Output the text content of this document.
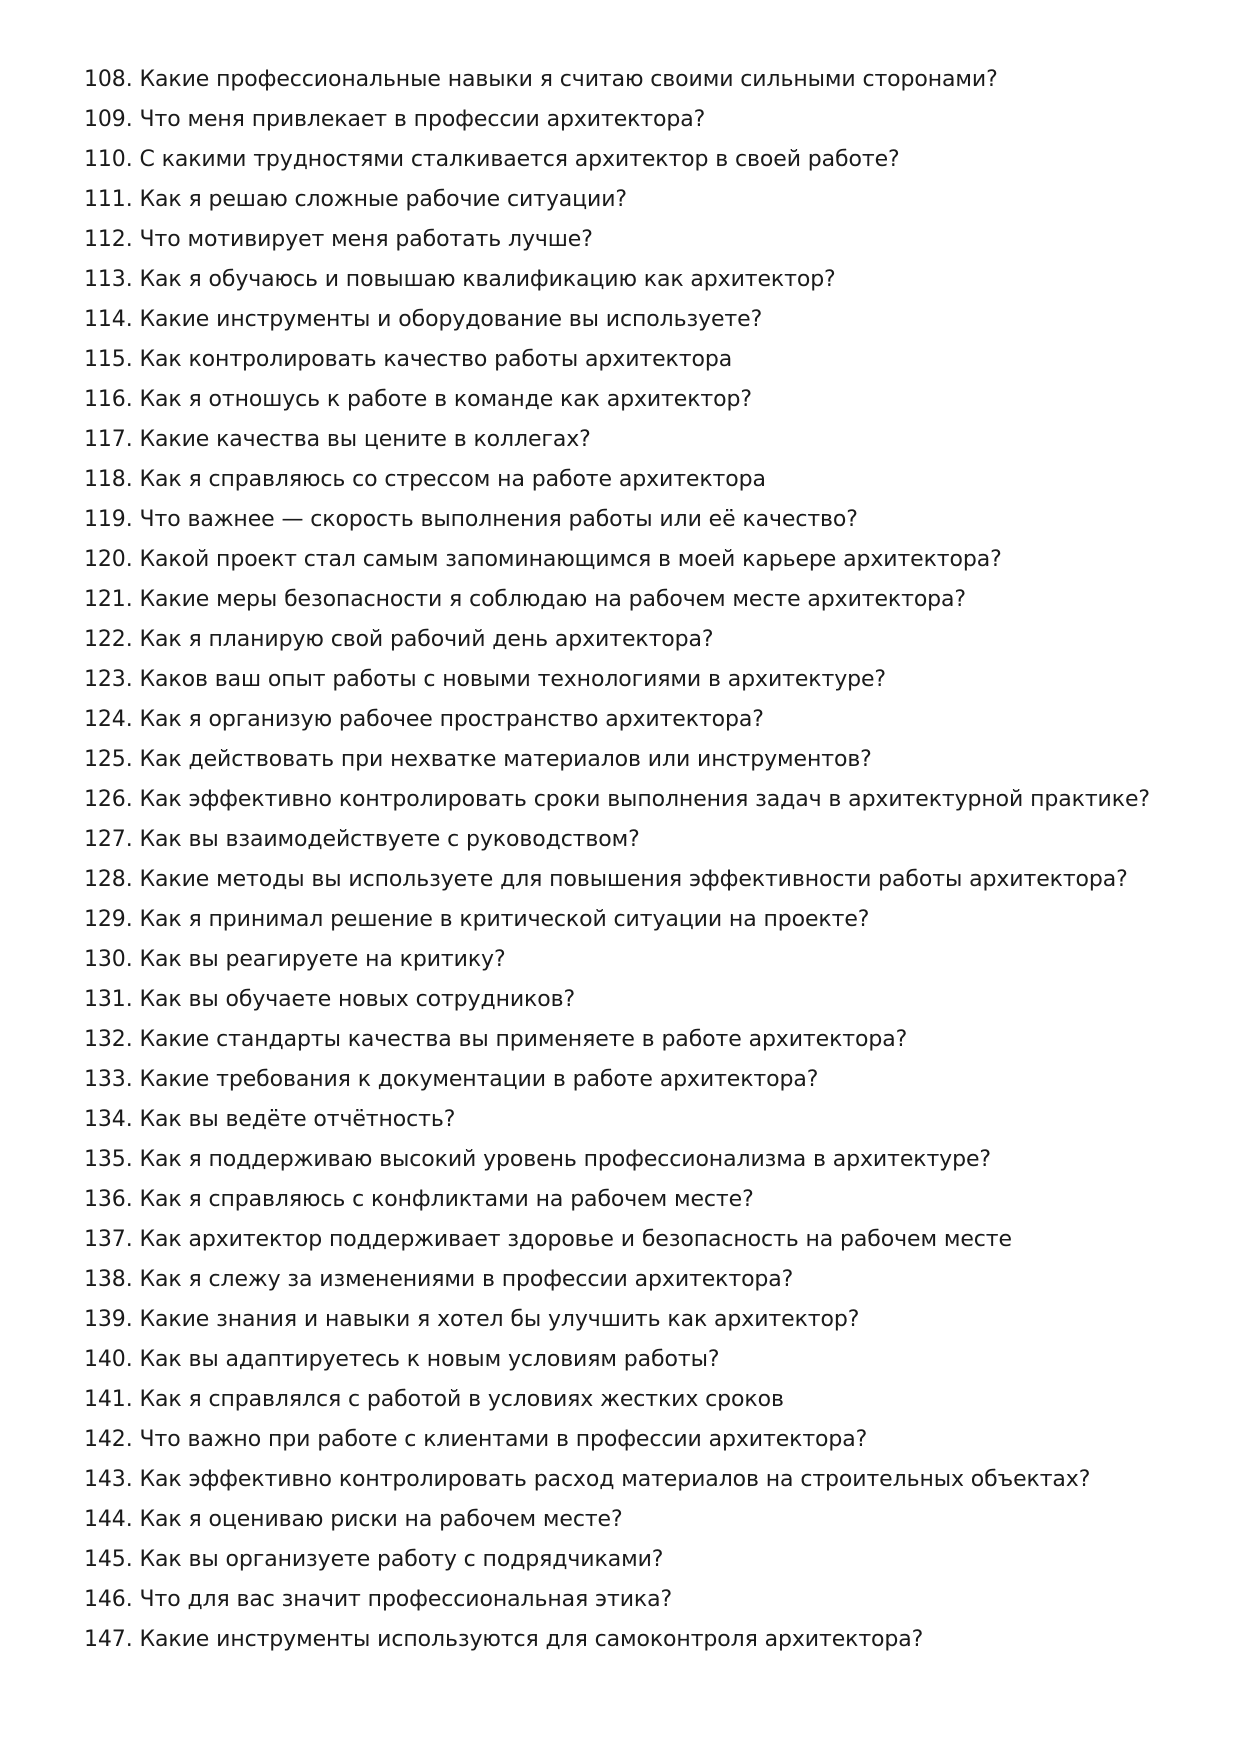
108. Какие профессиональные навыки я считаю своими сильными сторонами?
109. Что меня привлекает в профессии архитектора?
110. С какими трудностями сталкивается архитектор в своей работе?
111. Как я решаю сложные рабочие ситуации?
112. Что мотивирует меня работать лучше?
113. Как я обучаюсь и повышаю квалификацию как архитектор?
114. Какие инструменты и оборудование вы используете?
115. Как контролировать качество работы архитектора
116. Как я отношусь к работе в команде как архитектор?
117. Какие качества вы цените в коллегах?
118. Как я справляюсь со стрессом на работе архитектора
119. Что важнее — скорость выполнения работы или её качество?
120. Какой проект стал самым запоминающимся в моей карьере архитектора?
121. Какие меры безопасности я соблюдаю на рабочем месте архитектора?
122. Как я планирую свой рабочий день архитектора?
123. Каков ваш опыт работы с новыми технологиями в архитектуре?
124. Как я организую рабочее пространство архитектора?
125. Как действовать при нехватке материалов или инструментов?
126. Как эффективно контролировать сроки выполнения задач в архитектурной практике?
127. Как вы взаимодействуете с руководством?
128. Какие методы вы используете для повышения эффективности работы архитектора?
129. Как я принимал решение в критической ситуации на проекте?
130. Как вы реагируете на критику?
131. Как вы обучаете новых сотрудников?
132. Какие стандарты качества вы применяете в работе архитектора?
133. Какие требования к документации в работе архитектора?
134. Как вы ведёте отчётность?
135. Как я поддерживаю высокий уровень профессионализма в архитектуре?
136. Как я справляюсь с конфликтами на рабочем месте?
137. Как архитектор поддерживает здоровье и безопасность на рабочем месте
138. Как я слежу за изменениями в профессии архитектора?
139. Какие знания и навыки я хотел бы улучшить как архитектор?
140. Как вы адаптируетесь к новым условиям работы?
141. Как я справлялся с работой в условиях жестких сроков
142. Что важно при работе с клиентами в профессии архитектора?
143. Как эффективно контролировать расход материалов на строительных объектах?
144. Как я оцениваю риски на рабочем месте?
145. Как вы организуете работу с подрядчиками?
146. Что для вас значит профессиональная этика?
147. Какие инструменты используются для самоконтроля архитектора?
